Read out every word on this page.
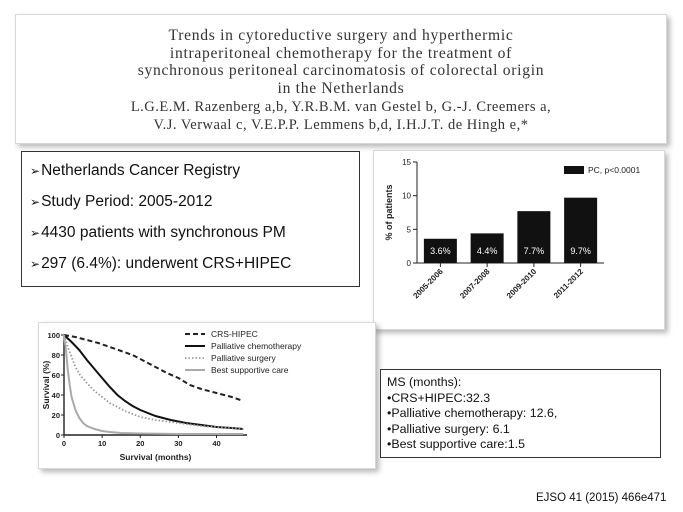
Trends in cytoreductive surgery and hyperthermic
intraperitoneal chemotherapy for the treatment of
synchronous peritoneal carcinomatosis of colorectal origin
in the Netherlands
L.G.E.M. Razenberg a,b, Y.R.B.M. van Gestel b, G.-J. Creemers a,
V.J. Verwaal c, V.E.P.P. Lemmens b,d, I.H.J.T. de Hingh e,*
➢Netherlands Cancer Registry
➢Study Period: 2005-2012
➢4430 patients with synchronous PM
➢297 (6.4%): underwent CRS+HIPEC	0
5
10
15
% of patients
3.6%
2005-2006
4.4%
2007-2008
7.7%
2009-2010
9.7%
2011-2012
PC, p<0.0001
0
20
40
60
80
100
0	10	20	30	40
Survival (months)
Survival (%)
CRS-HIPEC
Palliative chemotherapy
Palliative surgery
Best supportive care
MS (months):
•CRS+HIPEC:32.3
•Palliative chemotherapy: 12.6,
•Palliative surgery: 6.1
•Best supportive care:1.5
EJSO 41 (2015) 466e471
